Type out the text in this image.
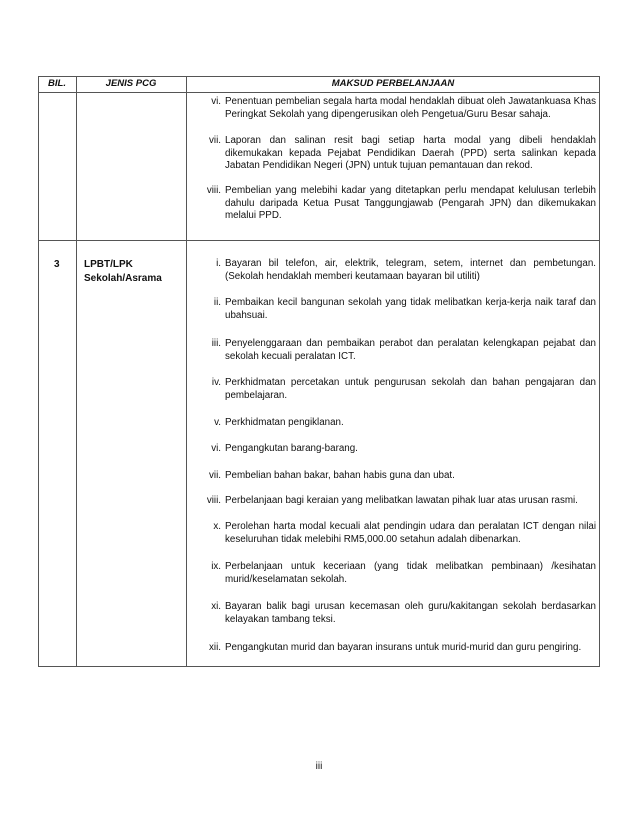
BIL.	JENIS PCG	MAKSUD PERBELANJAAN
vi. Penentuan pembelian segala harta modal hendaklah dibuat oleh Jawatankuasa Khas Peringkat Sekolah yang dipengerusikan oleh Pengetua/Guru Besar sahaja.
vii. Laporan dan salinan resit bagi setiap harta modal yang dibeli hendaklah dikemukakan kepada Pejabat Pendidikan Daerah (PPD) serta salinkan kepada Jabatan Pendidikan Negeri (JPN) untuk tujuan pemantauan dan rekod.
viii. Pembelian yang melebihi kadar yang ditetapkan perlu mendapat kelulusan terlebih dahulu daripada Ketua Pusat Tanggungjawab (Pengarah JPN) dan dikemukakan melalui PPD.
3 LPBT/LPK
Sekolah/Asrama
i. Bayaran bil telefon, air, elektrik, telegram, setem, internet dan pembetungan. (Sekolah hendaklah memberi keutamaan bayaran bil utiliti)
ii. Pembaikan kecil bangunan sekolah yang tidak melibatkan kerja-kerja naik taraf dan ubahsuai.
iii. Penyelenggaraan dan pembaikan perabot dan peralatan kelengkapan pejabat dan sekolah kecuali peralatan ICT.
iv. Perkhidmatan percetakan untuk pengurusan sekolah dan bahan pengajaran dan pembelajaran.
v. Perkhidmatan pengiklanan.
vi. Pengangkutan barang-barang.
vii. Pembelian bahan bakar, bahan habis guna dan ubat.
viii. Perbelanjaan bagi keraian yang melibatkan lawatan pihak luar atas urusan rasmi.
x. Perolehan harta modal kecuali alat pendingin udara dan peralatan ICT dengan nilai keseluruhan tidak melebihi RM5,000.00 setahun adalah dibenarkan.
ix. Perbelanjaan untuk keceriaan (yang tidak melibatkan pembinaan) /kesihatan murid/keselamatan sekolah.
xi. Bayaran balik bagi urusan kecemasan oleh guru/kakitangan sekolah berdasarkan kelayakan tambang teksi.
xii. Pengangkutan murid dan bayaran insurans untuk murid-murid dan guru pengiring.
iii
